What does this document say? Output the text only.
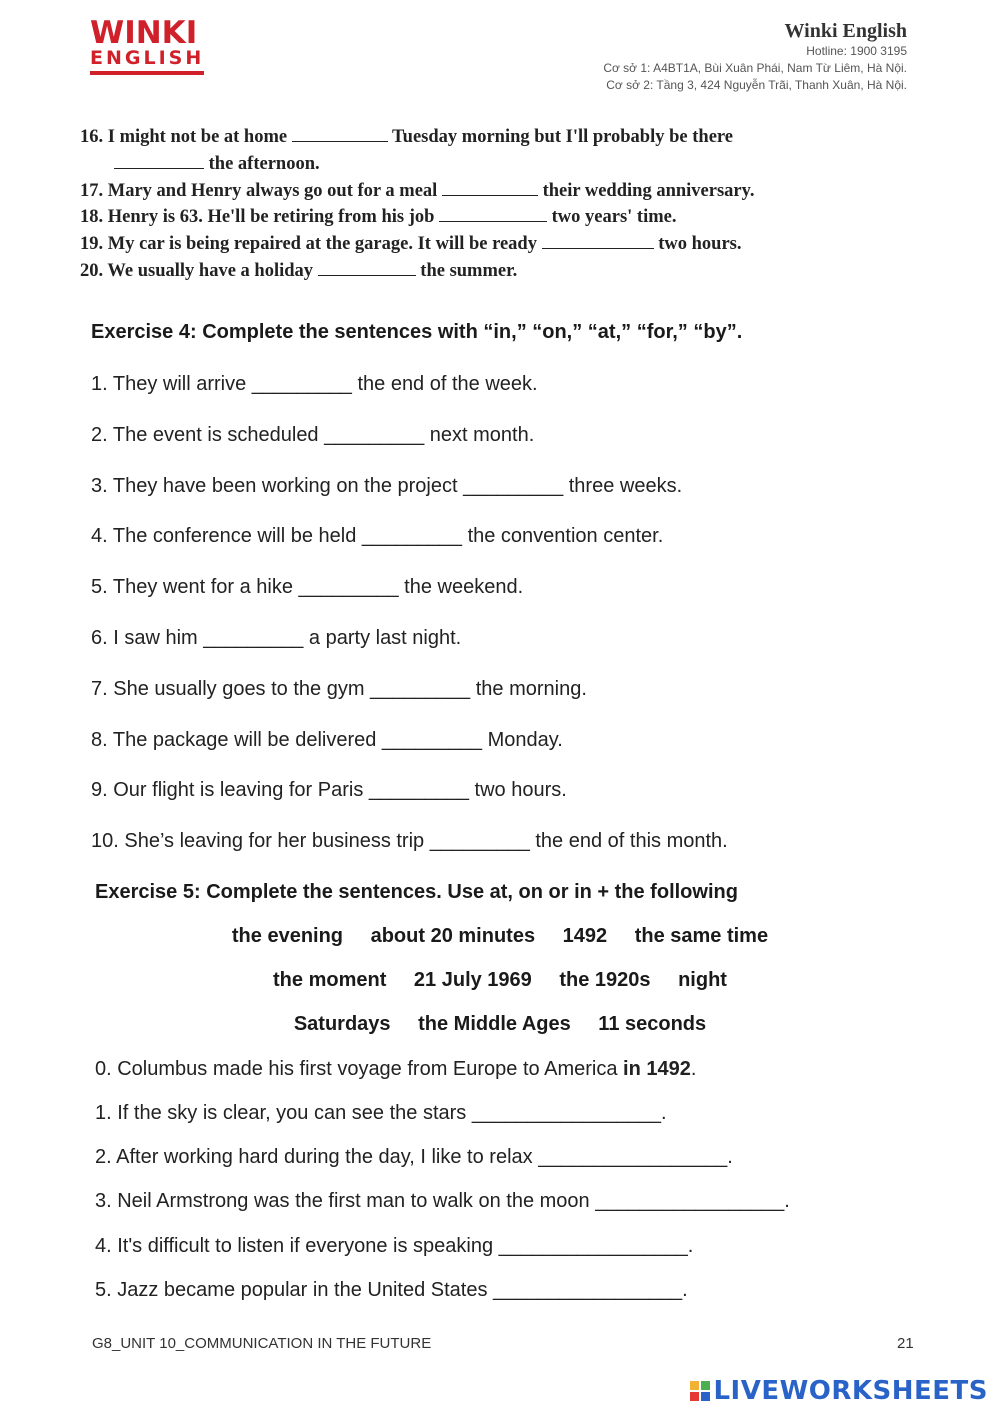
WINKI
ENGLISH
Winki English
Hotline: 1900 3195
Cơ sở 1: A4BT1A, Bùi Xuân Phái, Nam Từ Liêm, Hà Nội.
Cơ sở 2: Tầng 3, 424 Nguyễn Trãi, Thanh Xuân, Hà Nội.
16. I might not be at home	Tuesday morning but I'll probably be there
the afternoon.
17. Mary and Henry always go out for a meal	their wedding anniversary.
18. Henry is 63. He'll be retiring from his job	two years' time.
19. My car is being repaired at the garage. It will be ready	two hours.
20. We usually have a holiday	the summer.
Exercise 4: Complete the sentences with “in,” “on,” “at,” “for,” “by”.
1. They will arrive _________ the end of the week.
2. The event is scheduled _________ next month.
3. They have been working on the project _________ three weeks.
4. The conference will be held _________ the convention center.
5. They went for a hike _________ the weekend.
6. I saw him _________ a party last night.
7. She usually goes to the gym _________ the morning.
8. The package will be delivered _________ Monday.
9. Our flight is leaving for Paris _________ two hours.
10. She’s leaving for her business trip _________ the end of this month.
Exercise 5: Complete the sentences. Use at, on or in + the following
the evening about 20 minutes 1492 the same time
the moment 21 July 1969 the 1920s night
Saturdays the Middle Ages 11 seconds
0. Columbus made his first voyage from Europe to America in 1492.
1. If the sky is clear, you can see the stars _________________.
2. After working hard during the day, I like to relax _________________.
3. Neil Armstrong was the first man to walk on the moon _________________.
4. It's difficult to listen if everyone is speaking _________________.
5. Jazz became popular in the United States _________________.
G8_UNIT 10_COMMUNICATION IN THE FUTURE	21
LIVEWORKSHEETS
